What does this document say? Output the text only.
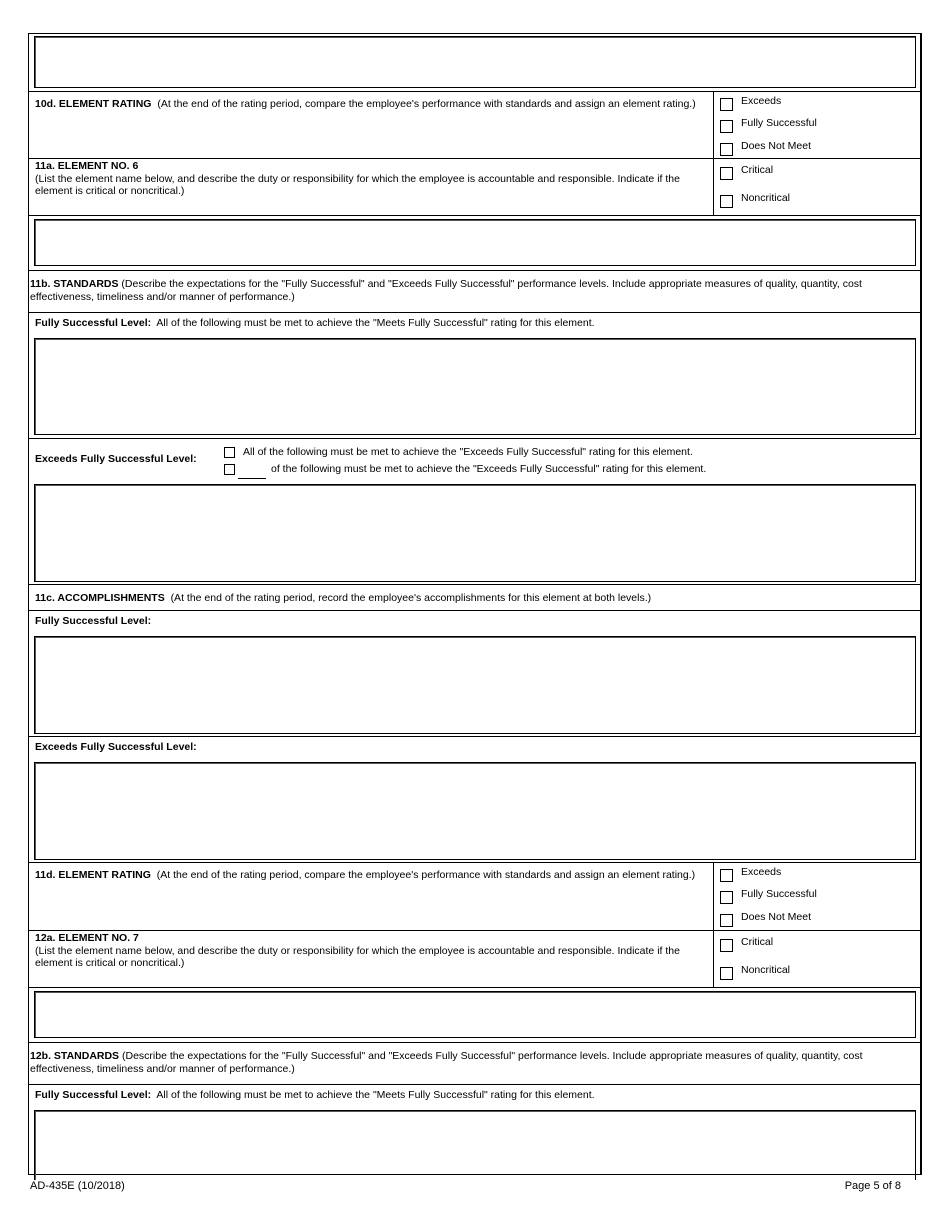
10d. ELEMENT RATING (At the end of the rating period, compare the employee's performance with standards and assign an element rating.)	Exceeds
Fully Successful
Does Not Meet
11a. ELEMENT NO. 6
(List the element name below, and describe the duty or responsibility for which the employee is accountable and responsible. Indicate if the element is critical or noncritical.)
Critical
Noncritical
11b. STANDARDS (Describe the expectations for the "Fully Successful" and "Exceeds Fully Successful" performance levels. Include appropriate measures of quality, quantity, cost effectiveness, timeliness and/or manner of performance.)
Fully Successful Level: All of the following must be met to achieve the "Meets Fully Successful" rating for this element.
Exceeds Fully Successful Level:
All of the following must be met to achieve the "Exceeds Fully Successful" rating for this element.
of the following must be met to achieve the "Exceeds Fully Successful" rating for this element.
11c. ACCOMPLISHMENTS (At the end of the rating period, record the employee's accomplishments for this element at both levels.)
Fully Successful Level:
Exceeds Fully Successful Level:
11d. ELEMENT RATING (At the end of the rating period, compare the employee's performance with standards and assign an element rating.)	Exceeds
Fully Successful
Does Not Meet
12a. ELEMENT NO. 7
(List the element name below, and describe the duty or responsibility for which the employee is accountable and responsible. Indicate if the element is critical or noncritical.)
Critical
Noncritical
12b. STANDARDS (Describe the expectations for the "Fully Successful" and "Exceeds Fully Successful" performance levels. Include appropriate measures of quality, quantity, cost effectiveness, timeliness and/or manner of performance.)
Fully Successful Level: All of the following must be met to achieve the "Meets Fully Successful" rating for this element.
AD-435E (10/2018)	Page 5 of 8
